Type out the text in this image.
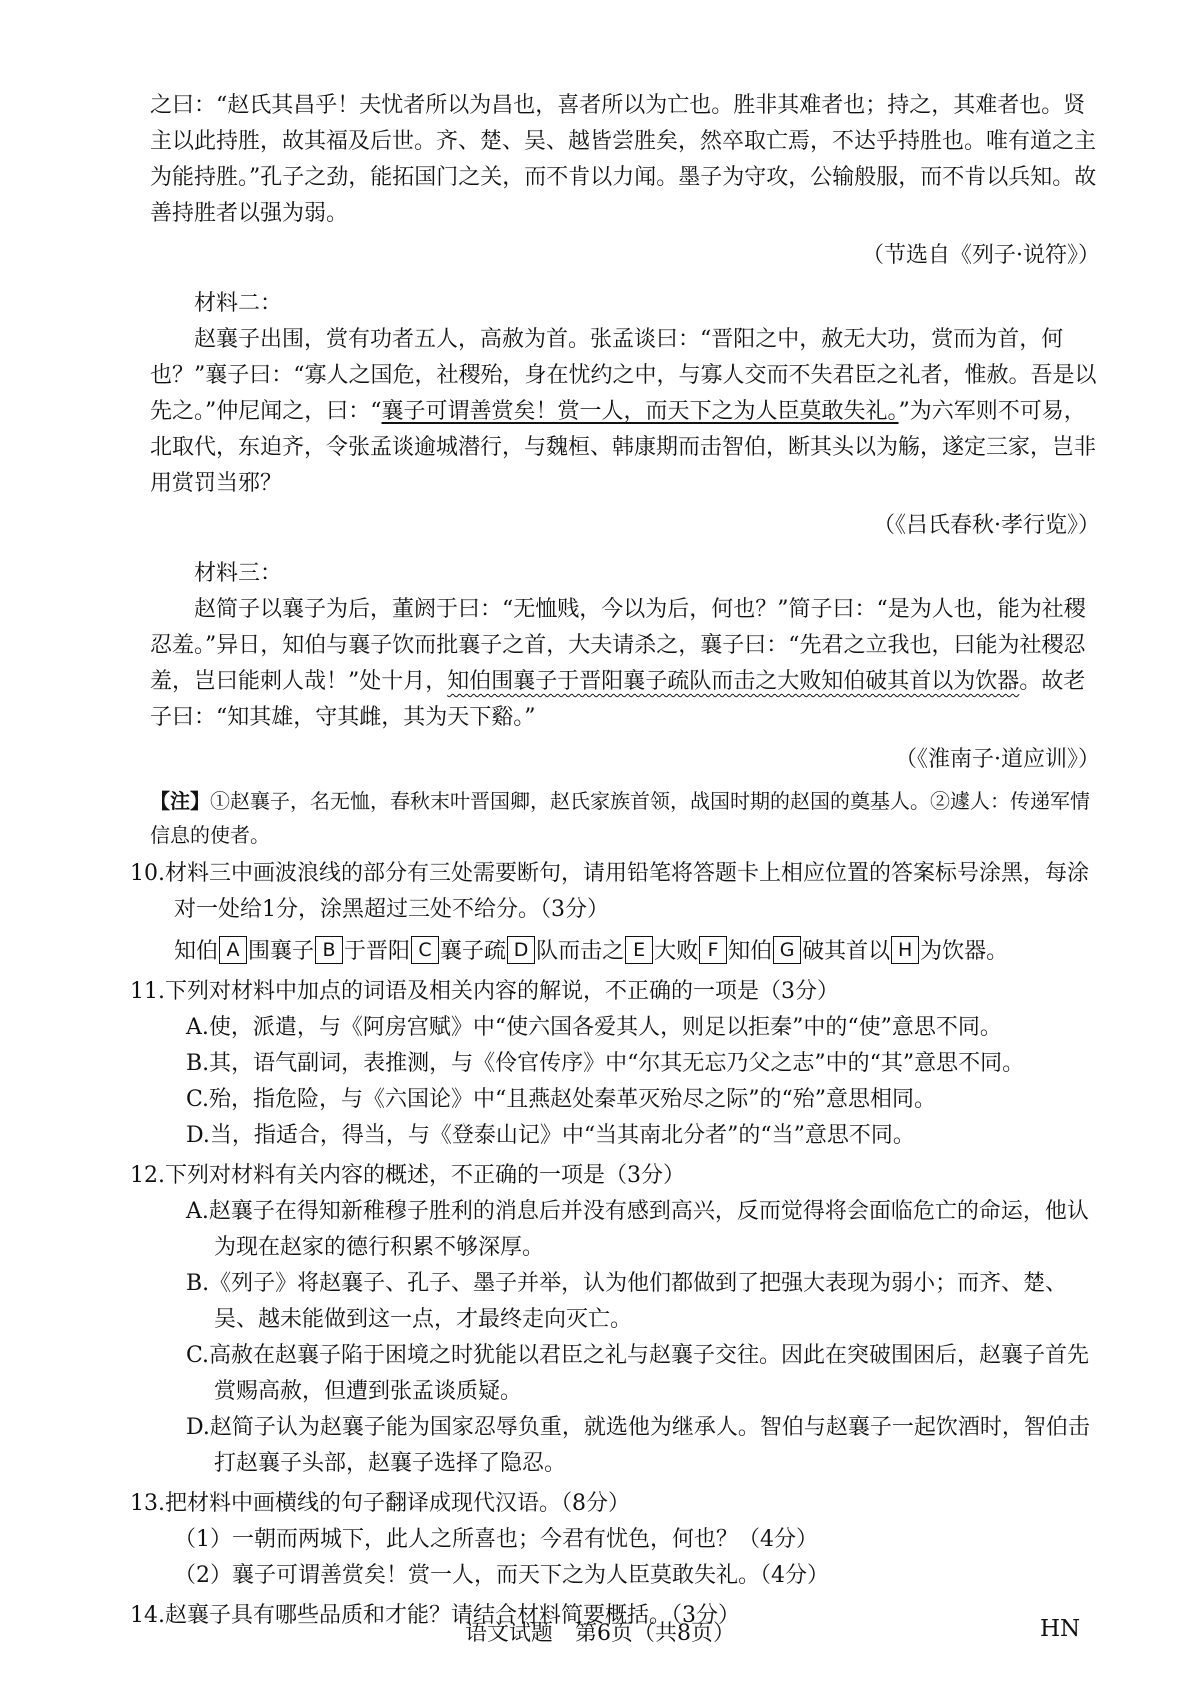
之曰：“赵氏其昌乎！夫忧者所以为昌也，喜者所以为亡也。胜非其难者也；持之，其难者也。贤主以此持胜，故其福及后世。齐、楚、吴、越皆尝胜矣，然卒取亡焉，不达乎持胜也。唯有道之主为能持胜。”孔子之劲，能拓国门之关，而不肯以力闻。墨子为守攻，公输般服，而不肯以兵知。故善持胜者以强为弱。

（节选自《列子·说符》）

材料二：

赵襄子出围，赏有功者五人，高赦为首。张孟谈曰：“晋阳之中，赦无大功，赏而为首，何也？”襄子曰：“寡人之国危，社稷殆，身在忧约之中，与寡人交而不失君臣之礼者，惟赦。吾是以先之。”仲尼闻之，曰：“襄子可谓善赏矣！赏一人，而天下之为人臣莫敢失礼。”为六军则不可易，北取代，东迫齐，令张孟谈逾城潜行，与魏桓、韩康期而击智伯，断其头以为觞，遂定三家，岂非用赏罚当邪？

（《吕氏春秋·孝行览》）

材料三：

赵简子以襄子为后，董阏于曰：“无恤贱，今以为后，何也？”简子曰：“是为人也，能为社稷忍羞。”异日，知伯与襄子饮而批襄子之首，大夫请杀之，襄子曰：“先君之立我也，曰能为社稷忍羞，岂曰能刺人哉！”处十月，知伯围襄子于晋阳襄子疏队而击之大败知伯破其首以为饮器。故老子曰：“知其雄，守其雌，其为天下谿。”

（《淮南子·道应训》）

【注】①赵襄子，名无恤，春秋末叶晋国卿，赵氏家族首领，战国时期的赵国的奠基人。②遽人：传递军情信息的使者。

10.材料三中画波浪线的部分有三处需要断句，请用铅笔将答题卡上相应位置的答案标号涂黑，每涂对一处给1分，涂黑超过三处不给分。（3分）

知伯 A 围襄子 B 于晋阳 C 襄子疏 D 队而击之 E 大败 F 知伯 G 破其首以 H 为饮器。

11.下列对材料中加点的词语及相关内容的解说，不正确的一项是（3分）

A.使，派遣，与《阿房宫赋》中“使六国各爱其人，则足以拒秦”中的“使”意思不同。

B.其，语气副词，表推测，与《伶官传序》中“尔其无忘乃父之志”中的“其”意思不同。

C.殆，指危险，与《六国论》中“且燕赵处秦革灭殆尽之际”的“殆”意思相同。

D.当，指适合，得当，与《登泰山记》中“当其南北分者”的“当”意思不同。

12.下列对材料有关内容的概述，不正确的一项是（3分）

A.赵襄子在得知新稚穆子胜利的消息后并没有感到高兴，反而觉得将会面临危亡的命运，他认为现在赵家的德行积累不够深厚。

B.《列子》将赵襄子、孔子、墨子并举，认为他们都做到了把强大表现为弱小；而齐、楚、吴、越未能做到这一点，才最终走向灭亡。

C.高赦在赵襄子陷于困境之时犹能以君臣之礼与赵襄子交往。因此在突破围困后，赵襄子首先赏赐高赦，但遭到张孟谈质疑。

D.赵简子认为赵襄子能为国家忍辱负重，就选他为继承人。智伯与赵襄子一起饮酒时，智伯击打赵襄子头部，赵襄子选择了隐忍。

13.把材料中画横线的句子翻译成现代汉语。（8分）

（1）一朝而两城下，此人之所喜也；今君有忧色，何也？（4分）

（2）襄子可谓善赏矣！赏一人，而天下之为人臣莫敢失礼。（4分）

14.赵襄子具有哪些品质和才能？请结合材料简要概括。（3分）

语文试题　第6页（共8页）	HN
